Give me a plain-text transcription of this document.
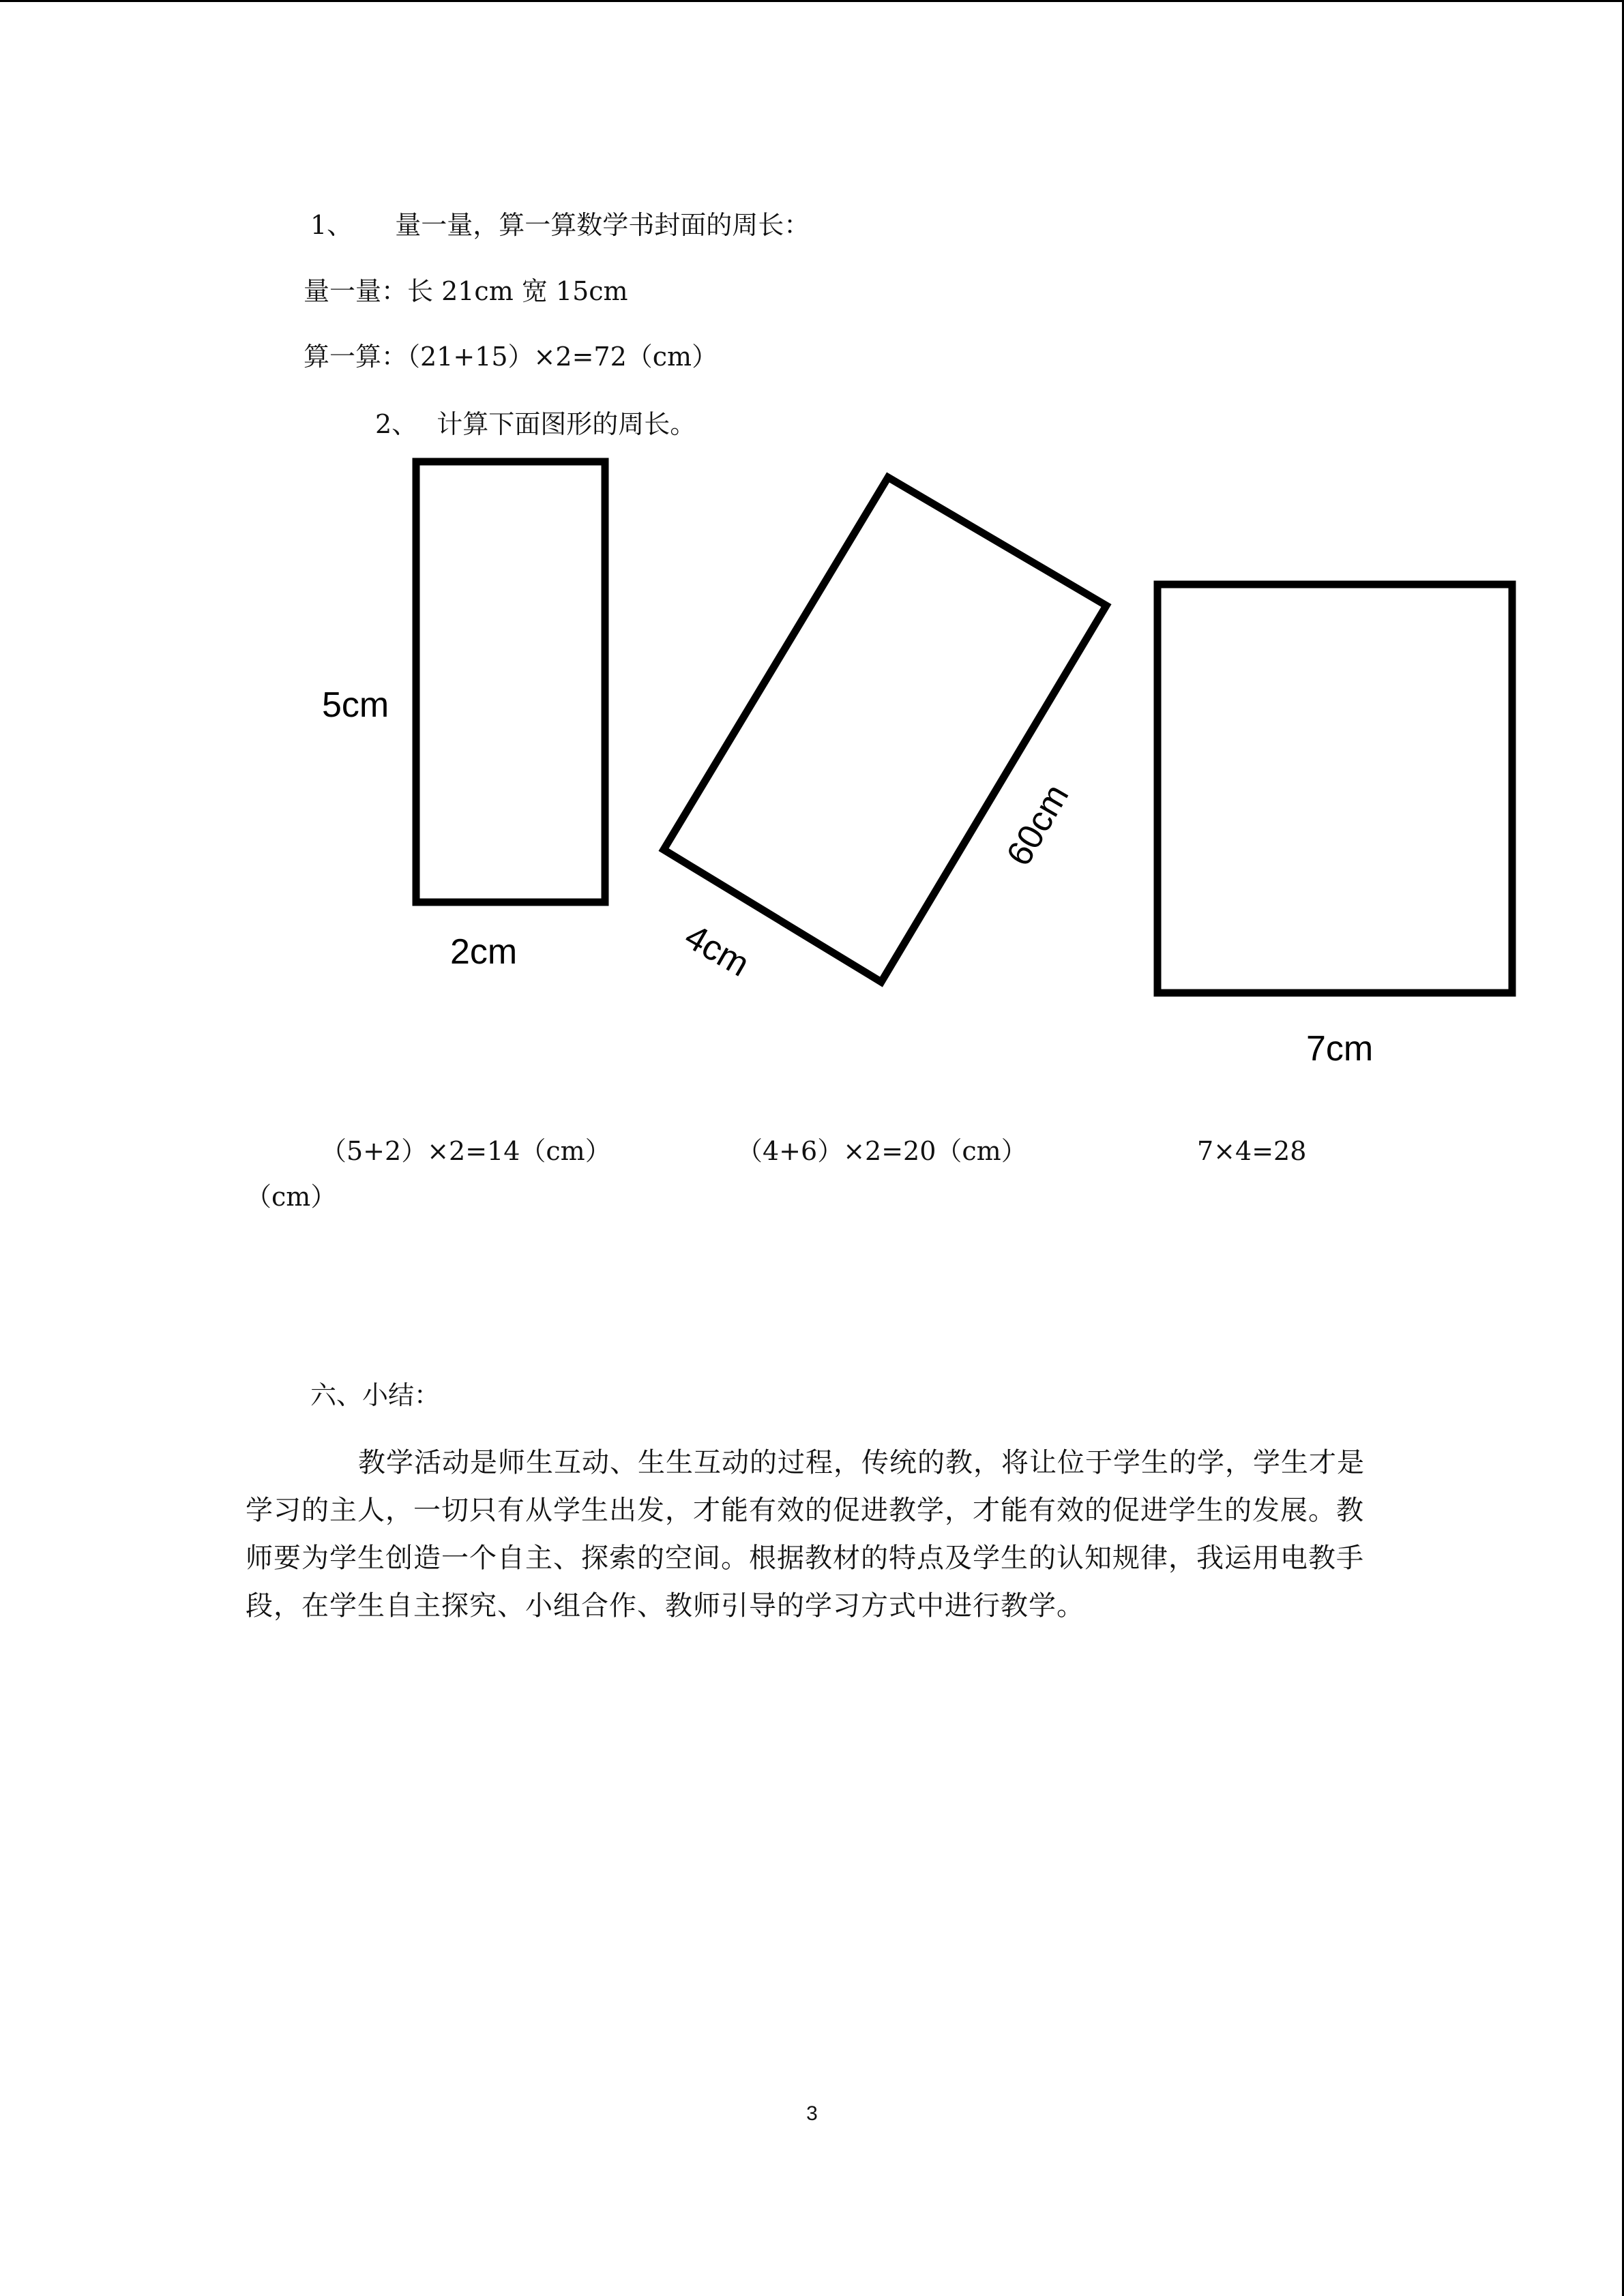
1、 量一量，算一算数学书封面的周长：

量一量：长 21cm 宽 15cm

算一算：（21+15）×2=72（cm）

2、 计算下面图形的周长。

5cm
2cm
60cm
4cm
7cm

（5+2）×2=14（cm）	（4+6）×2=20（cm）	7×4=28

（cm）

六、小结：

教学活动是师生互动、生生互动的过程，传统的教，将让位于学生的学，学生才是学习的主人，一切只有从学生出发，才能有效的促进教学，才能有效的促进学生的发展。教师要为学生创造一个自主、探索的空间。根据教材的特点及学生的认知规律，我运用电教手段，在学生自主探究、小组合作、教师引导的学习方式中进行教学。

3
